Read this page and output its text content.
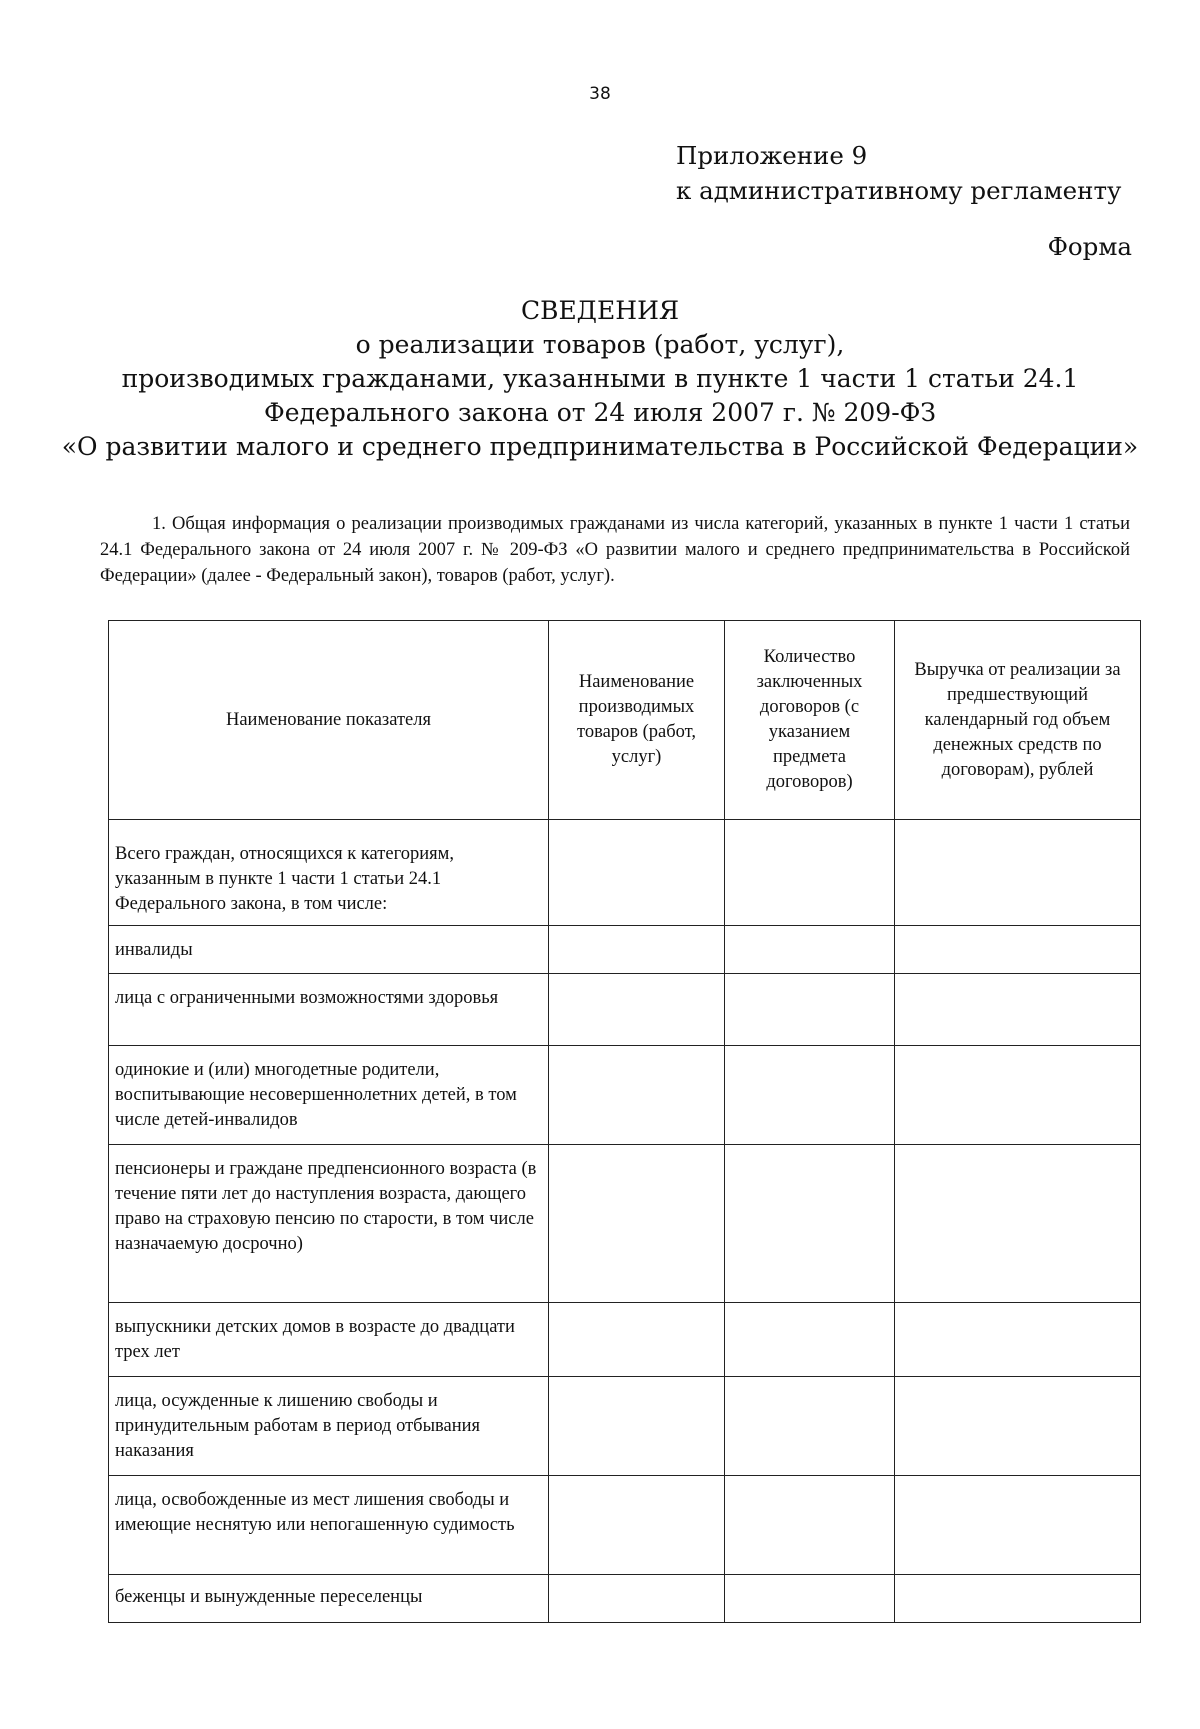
38
Приложение 9
к административному регламенту
Форма
СВЕДЕНИЯ
о реализации товаров (работ, услуг),
производимых гражданами, указанными в пункте 1 части 1 статьи 24.1
Федерального закона от 24 июля 2007 г. № 209-ФЗ
«О развитии малого и среднего предпринимательства в Российской Федерации»
1. Общая информация о реализации производимых гражданами из числа категорий, указанных в пункте 1 части 1 статьи 24.1 Федерального закона от 24 июля 2007 г. № 209-ФЗ «О развитии малого и среднего предпринимательства в Российской Федерации» (далее - Федеральный закон), товаров (работ, услуг).
Наименование показателя	Наименование производимых товаров (работ, услуг)	Количество заключенных договоров (с указанием предмета договоров)	Выручка от реализации за предшествующий календарный год объем денежных средств по договорам), рублей
Всего граждан, относящихся к категориям, указанным в пункте 1 части 1 статьи 24.1 Федерального закона, в том числе:			
инвалиды			
лица с ограниченными возможностями здоровья			
одинокие и (или) многодетные родители, воспитывающие несовершеннолетних детей, в том числе детей-инвалидов			
пенсионеры и граждане предпенсионного возраста (в течение пяти лет до наступления возраста, дающего право на страховую пенсию по старости, в том числе назначаемую досрочно)			
выпускники детских домов в возрасте до двадцати трех лет			
лица, осужденные к лишению свободы и принудительным работам в период отбывания наказания			
лица, освобожденные из мест лишения свободы и имеющие неснятую или непогашенную судимость			
беженцы и вынужденные переселенцы			
